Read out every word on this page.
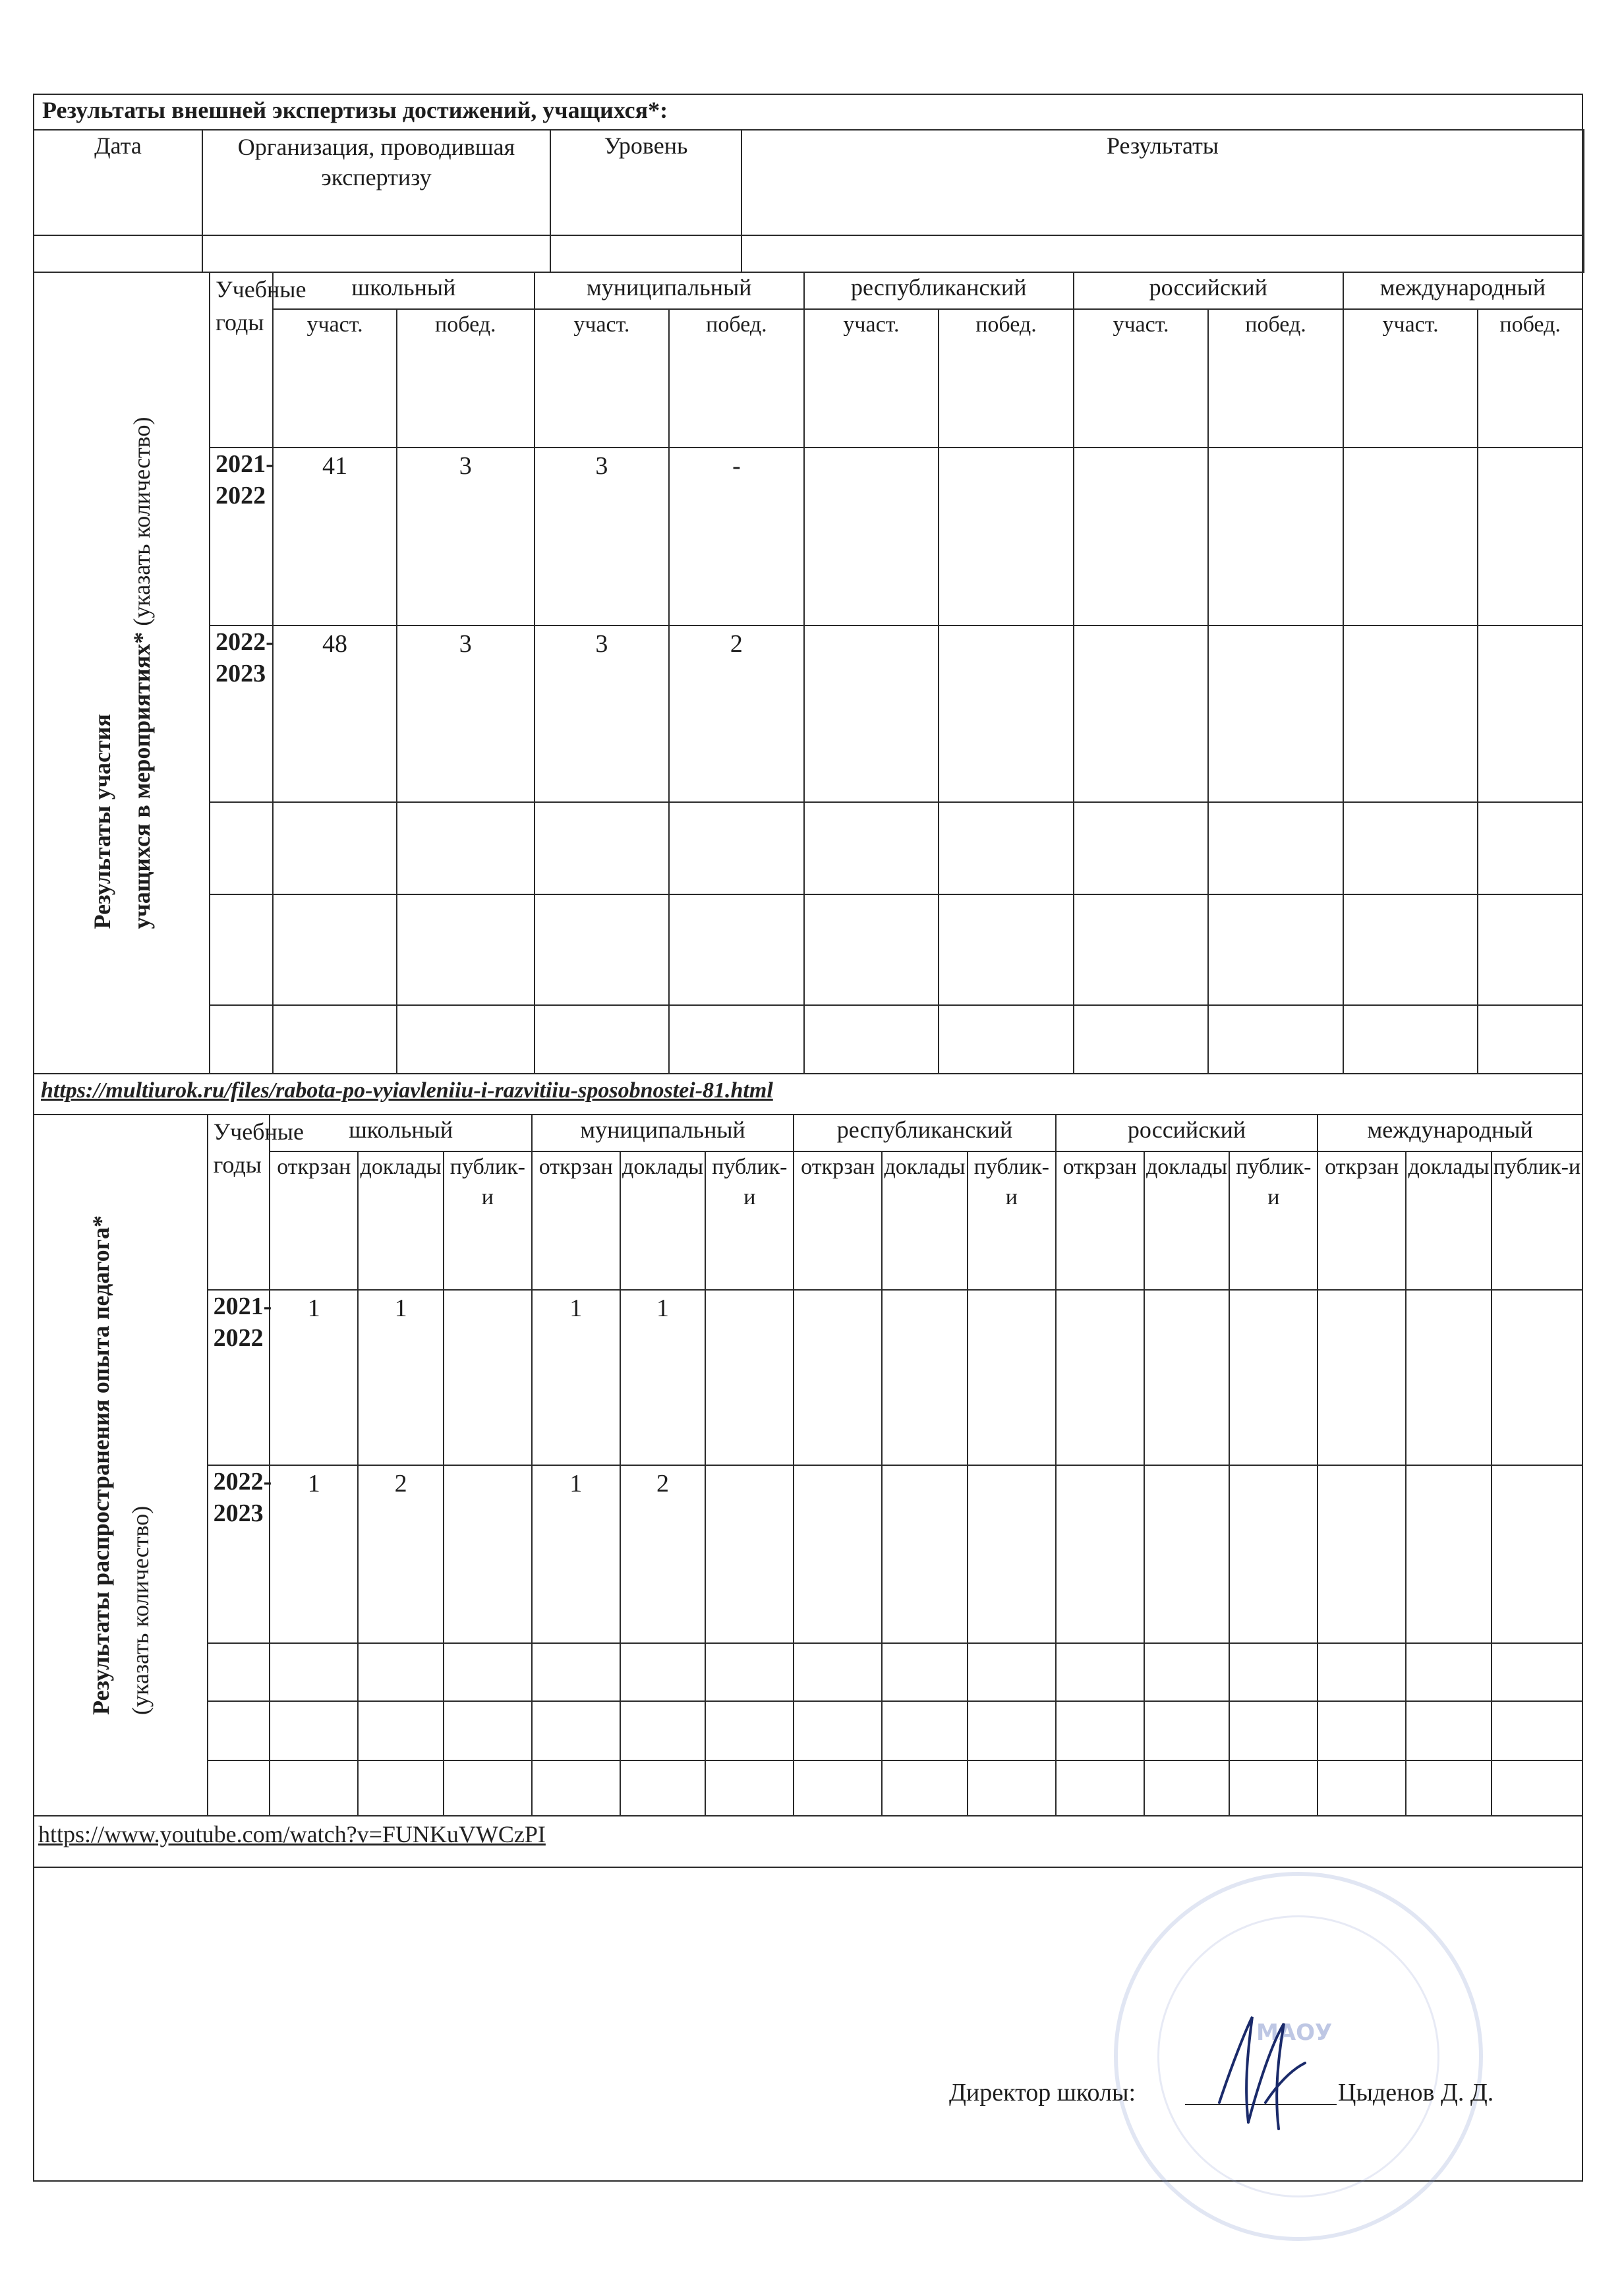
Результаты внешней экспертизы достижений, учащихся*:
Дата	Организация, проводившая экспертизу	Уровень	Результаты

Результаты участия учащихся в мероприятиях* (указать количество)	Учебные годы	школьный		муниципальный		республиканский		российский		международный	
		участ.	побед.	участ.	побед.	участ.	побед.	участ.	побед.	участ.	побед.
	2021-2022	41	3	3	-						
	2022-2023	48	3	3	2						

https://multiurok.ru/files/rabota-po-vyiavleniiu-i-razvitiiu-sposobnostei-81.html
Результаты распространения опыта педагога* (указать количество)	Учебные годы	школьный			муниципальный			республиканский			российский			международный		
		открзан	доклады	публик-и	открзан	доклады	публик-и	открзан	доклады	публик-и	открзан	доклады	публик-и	открзан	доклады	публик-и
	2021-2022	1	1		1	1										
	2022-2023	1	2		1	2										

https://www.youtube.com/watch?v=FUNKuVWCzPI
МАОУ
Директор школы:	Цыденов Д. Д.
